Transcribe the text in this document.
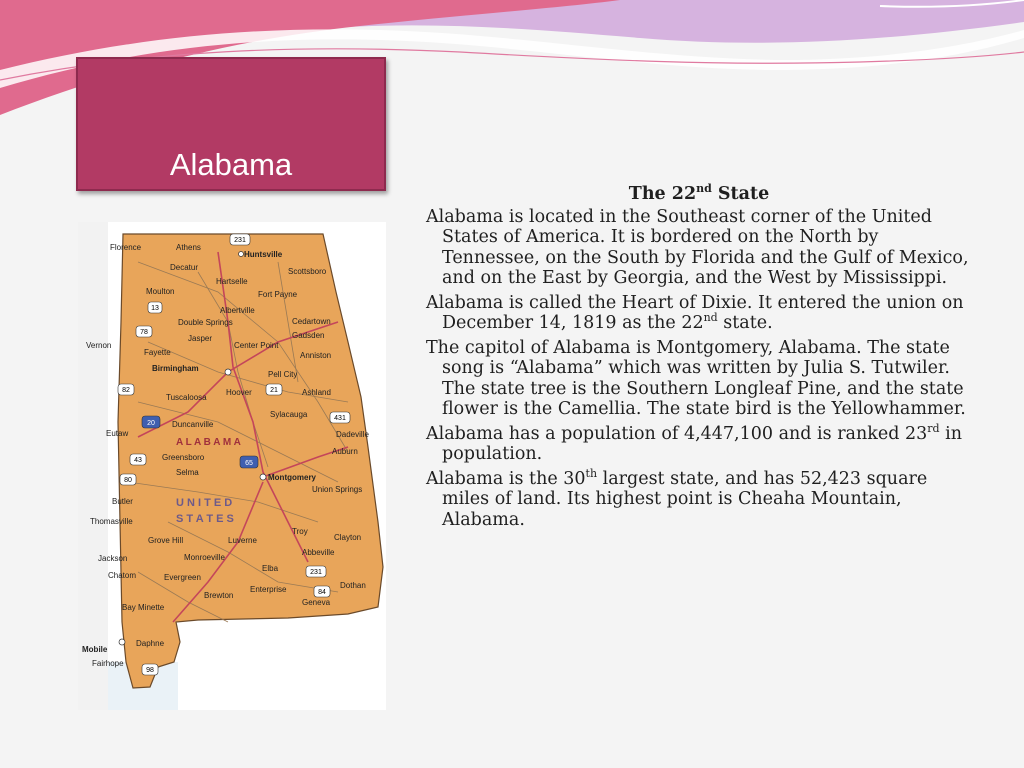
Alabama
A L A B A M A
U N I T E D
S T A T E S
Florence	Athens
Huntsville
Decatur	Scottsboro
Hartselle
Moulton	Fort Payne
Albertville
Double Springs	Cedartown
Jasper	Gadsden
Center Point
Vernon
Fayette	Anniston
Birmingham
Pell City
Tuscaloosa
Hoover	Ashland
Duncanville
Sylacauga
Eutaw	Dadeville
Greensboro
Auburn
Selma
Montgomery
Union Springs
Butler
Thomasville
Troy
Grove Hill	Luverne	Clayton
Jackson	Monroeville
Abbeville
Chatom	Evergreen
Elba
Enterprise	Dothan
Brewton
Geneva
Bay Minette
Daphne
Mobile
Fairhope
231
13
78
82
20
21
431
43	65
80
231
84
98
The 22nd State
Alabama is located in the Southeast corner of the United States of America. It is bordered on the North by Tennessee, on the South by Florida and the Gulf of Mexico, and on the East by Georgia, and the West by Mississippi.
Alabama is called the Heart of Dixie. It entered the union on December 14, 1819 as the 22nd state.
The capitol of Alabama is Montgomery, Alabama. The state song is “Alabama” which was written by Julia S. Tutwiler. The state tree is the Southern Longleaf Pine, and the state flower is the Camellia. The state bird is the Yellowhammer.
Alabama has a population of 4,447,100 and is ranked 23rd in population.
Alabama is the 30th largest state, and has 52,423 square miles of land. Its highest point is Cheaha Mountain, Alabama.
